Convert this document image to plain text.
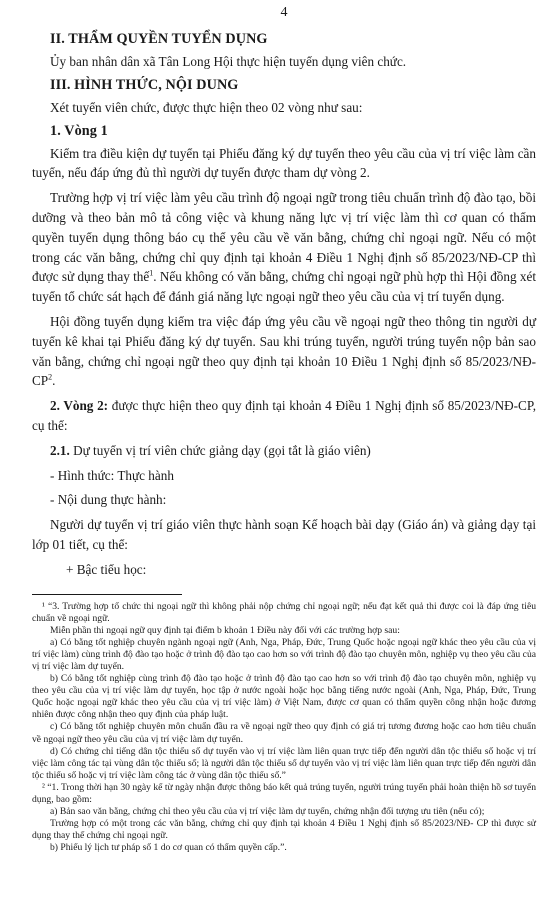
4
II. THẨM QUYỀN TUYỂN DỤNG

Ủy ban nhân dân xã Tân Long Hội thực hiện tuyển dụng viên chức.

III. HÌNH THỨC, NỘI DUNG

Xét tuyển viên chức, được thực hiện theo 02 vòng như sau:

1. Vòng 1

Kiểm tra điều kiện dự tuyển tại Phiếu đăng ký dự tuyển theo yêu cầu của vị trí việc làm cần tuyển, nếu đáp ứng đủ thì người dự tuyển được tham dự vòng 2.

Trường hợp vị trí việc làm yêu cầu trình độ ngoại ngữ trong tiêu chuẩn trình độ đào tạo, bồi dưỡng và theo bản mô tả công việc và khung năng lực vị trí việc làm thì cơ quan có thẩm quyền tuyển dụng thông báo cụ thể yêu cầu về văn bằng, chứng chỉ ngoại ngữ. Nếu có một trong các văn bằng, chứng chỉ quy định tại khoản 4 Điều 1 Nghị định số 85/2023/NĐ-CP thì được sử dụng thay thế$^1$. Nếu không có văn bằng, chứng chỉ ngoại ngữ phù hợp thì Hội đồng xét tuyển tổ chức sát hạch để đánh giá năng lực ngoại ngữ theo yêu cầu của vị trí tuyển dụng.

Hội đồng tuyển dụng kiểm tra việc đáp ứng yêu cầu về ngoại ngữ theo thông tin người dự tuyển kê khai tại Phiếu đăng ký dự tuyển. Sau khi trúng tuyển, người trúng tuyển nộp bản sao văn bằng, chứng chỉ ngoại ngữ theo quy định tại khoản 10 Điều 1 Nghị định số $85/2023/NĐ-CP^2$.

2. Vòng 2: được thực hiện theo quy định tại khoản 4 Điều 1 Nghị định số 85/2023/NĐ-CP, cụ thể:

2.1. Dự tuyển vị trí viên chức giảng dạy (gọi tắt là giáo viên)

- Hình thức: Thực hành

- Nội dung thực hành:

Người dự tuyển vị trí giáo viên thực hành soạn Kế hoạch bài dạy (Giáo án) và giảng dạy tại lớp 01 tiết, cụ thể:

+ Bậc tiểu học:

¹ “3. Trường hợp tổ chức thi ngoại ngữ thì không phải nộp chứng chỉ ngoại ngữ; nếu đạt kết quả thi được coi là đáp ứng tiêu chuẩn về ngoại ngữ.

Miễn phần thi ngoại ngữ quy định tại điểm b khoản 1 Điều này đối với các trường hợp sau:

a) Có bằng tốt nghiệp chuyên ngành ngoại ngữ (Anh, Nga, Pháp, Đức, Trung Quốc hoặc ngoại ngữ khác theo yêu cầu của vị trí việc làm) cùng trình độ đào tạo hoặc ở trình độ đào tạo cao hơn so với trình độ đào tạo chuyên môn, nghiệp vụ theo yêu cầu của vị trí việc làm dự tuyển.

b) Có bằng tốt nghiệp cùng trình độ đào tạo hoặc ở trình độ đào tạo cao hơn so với trình độ đào tạo chuyên môn, nghiệp vụ theo yêu cầu của vị trí việc làm dự tuyển, học tập ở nước ngoài hoặc học bằng tiếng nước ngoài (Anh, Nga, Pháp, Đức, Trung Quốc hoặc ngoại ngữ khác theo yêu cầu của vị trí việc làm) ở Việt Nam, được cơ quan có thẩm quyền công nhận hoặc đương nhiên được công nhận theo quy định của pháp luật.

c) Có bằng tốt nghiệp chuyên môn chuẩn đầu ra về ngoại ngữ theo quy định có giá trị tương đương hoặc cao hơn tiêu chuẩn về ngoại ngữ theo yêu cầu của vị trí việc làm dự tuyển.

d) Có chứng chỉ tiếng dân tộc thiểu số dự tuyển vào vị trí việc làm liên quan trực tiếp đến người dân tộc thiểu số hoặc vị trí việc làm công tác tại vùng dân tộc thiểu số; là người dân tộc thiểu số dự tuyển vào vị trí việc làm liên quan trực tiếp đến người dân tộc thiểu số hoặc vị trí việc làm công tác ở vùng dân tộc thiểu số.”

² “1. Trong thời hạn 30 ngày kể từ ngày nhận được thông báo kết quả trúng tuyển, người trúng tuyển phải hoàn thiện hồ sơ tuyển dụng, bao gồm:

a) Bản sao văn bằng, chứng chỉ theo yêu cầu của vị trí việc làm dự tuyển, chứng nhận đối tượng ưu tiên (nếu có);

Trường hợp có một trong các văn bằng, chứng chỉ quy định tại khoản 4 Điều 1 Nghị định số 85/2023/NĐ- CP thì được sử dụng thay thế chứng chỉ ngoại ngữ.

b) Phiếu lý lịch tư pháp số 1 do cơ quan có thẩm quyền cấp.”.
